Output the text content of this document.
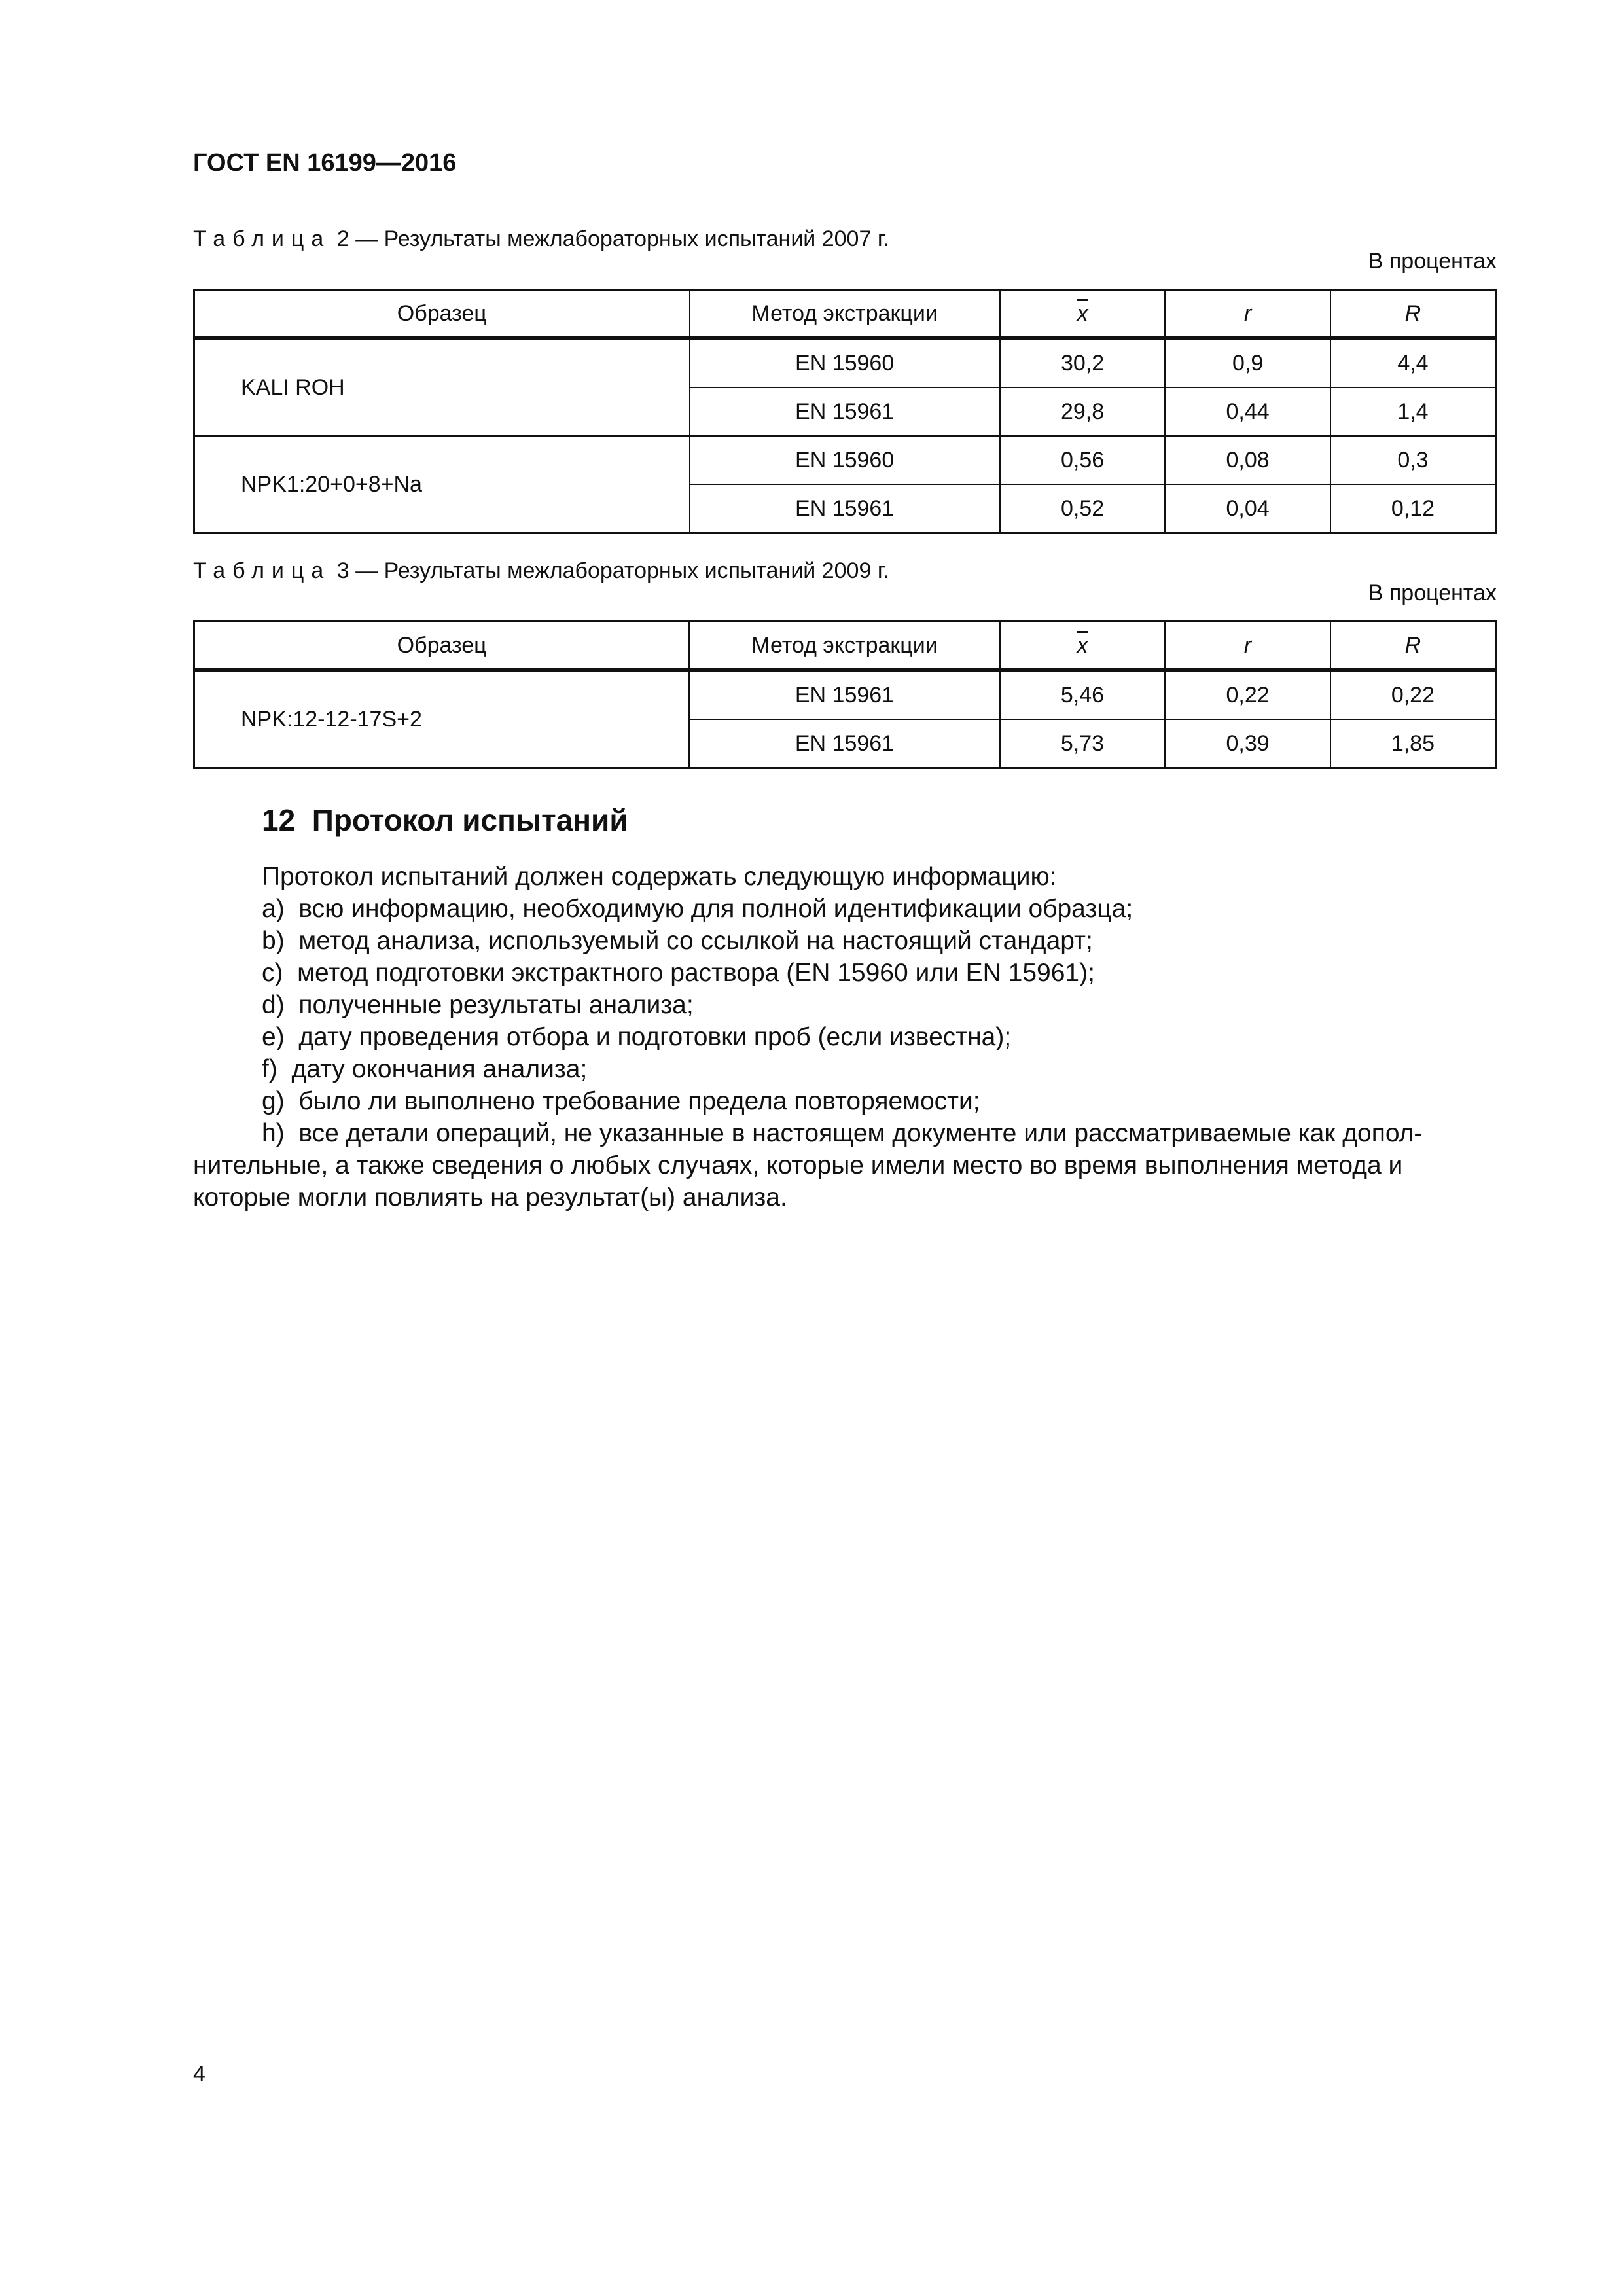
ГОСТ EN 16199—2016
Таблица 2 — Результаты межлабораторных испытаний 2007 г.
В процентах
Образец	Метод экстракции	$\overline{x}$	r	R
KALI ROH	EN 15960	30,2	0,9	4,4
	EN 15961	29,8	0,44	1,4
NPK1:20+0+8+Na	EN 15960	0,56	0,08	0,3
	EN 15961	0,52	0,04	0,12
Таблица 3 — Результаты межлабораторных испытаний 2009 г.
В процентах
Образец	Метод экстракции	$\overline{x}$	r	R
NPK:12-12-17S+2	EN 15961	5,46	0,22	0,22
	EN 15961	5,73	0,39	1,85
12  Протокол испытаний
Протокол испытаний должен содержать следующую информацию:
a)  всю информацию, необходимую для полной идентификации образца;
b)  метод анализа, используемый со ссылкой на настоящий стандарт;
c)  метод подготовки экстрактного раствора (EN 15960 или EN 15961);
d)  полученные результаты анализа;
e)  дату проведения отбора и подготовки проб (если известна);
f)  дату окончания анализа;
g)  было ли выполнено требование предела повторяемости;
h)  все детали операций, не указанные в настоящем документе или рассматриваемые как допол-
нительные, а также сведения о любых случаях, которые имели место во время выполнения метода и
которые могли повлиять на результат(ы) анализа.
4
